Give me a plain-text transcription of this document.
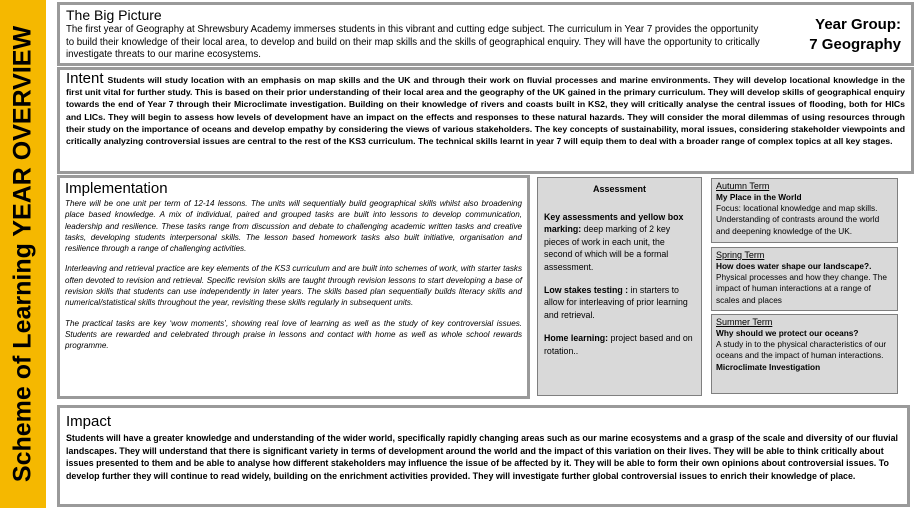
Scheme of Learning YEAR OVERVIEW
The Big Picture
The first year of Geography at Shrewsbury Academy immerses students in this vibrant and cutting edge subject. The curriculum in Year 7 provides the opportunity to build their knowledge of their local area, to develop and build on their map skills and the skills of geographical enquiry. They will have the opportunity to critically investigate threats to our marine ecosystems.
Year Group:
7 Geography
Intent Students will study location with an emphasis on map skills and the UK and through their work on fluvial processes and marine environments. They will develop locational knowledge in the first unit vital for further study. This is based on their prior understanding of their local area and the geography of the UK gained in the primary curriculum. They will develop skills of geographical enquiry towards the end of Year 7 through their Microclimate investigation. Building on their knowledge of rivers and coasts built in KS2, they will critically analyse the central issues of flooding, both for HICs and LICs. They will begin to assess how levels of development have an impact on the effects and responses to these natural hazards. They will consider the moral dilemmas of using resources through their study on the importance of oceans and develop empathy by considering the views of various stakeholders. The key concepts of sustainability, moral issues, considering stakeholder viewpoints and critically analyzing controversial issues are central to the rest of the KS3 curriculum. The technical skills learnt in year 7 will equip them to deal with a broader range of complex topics at all key stages.
Implementation

There will be one unit per term of 12-14 lessons. The units will sequentially build geographical skills whilst also broadening place based knowledge. A mix of individual, paired and grouped tasks are built into lessons to develop communication, leadership and resilience. These tasks range from discussion and debate to challenging academic written tasks and creative tasks, developing students interpersonal skills. The lesson based homework tasks also built initiative, organisation and resilience through a range of challenging activities.

Interleaving and retrieval practice are key elements of the KS3 curriculum and are built into schemes of work, with starter tasks often devoted to revision and retrieval. Specific revision skills are taught through revision lessons to start developing a base of revision skills that students can use independently in later years. The skills based plan sequentially builds literacy skills and numerical/statistical skills throughout the year, revisiting these skills regularly in subsequent units.

The practical tasks are key ‘wow moments’, showing real love of learning as well as the study of key controversial issues. Students are rewarded and celebrated through praise in lessons and contact with home as well as whole school rewards programme.

Assessment

Key assessments and yellow box marking: deep marking of 2 key pieces of work in each unit, the second of which will be a formal assessment.

Low stakes testing : in starters to allow for interleaving of prior learning and retrieval.

Home learning: project based and on rotation..

Autumn Term
My Place in the World
Focus: locational knowledge and map skills.
Understanding of contrasts around the world and deepening knowledge of the UK.
Spring Term
How does water shape our landscape?.
Physical processes and how they change. The impact of human interactions at a range of scales and places
Summer Term
Why should we protect our oceans?
A study in to the physical characteristics of our oceans and the impact of human interactions.
Microclimate Investigation
Impact
Students will have a greater knowledge and understanding of the wider world, specifically rapidly changing areas such as our marine ecosystems and a grasp of the scale and diversity of our fluvial landscapes. They will understand that there is significant variety in terms of development around the world and the impact of this variation on their lives. They will be able to think critically about issues presented to them and be able to analyse how different stakeholders may influence the issue of be affected by it. They will be able to form their own opinions about controversial issues. To develop further they will continue to read widely, building on the enrichment activities provided. They will investigate further global controversial issues to enrich their knowledge of place.
